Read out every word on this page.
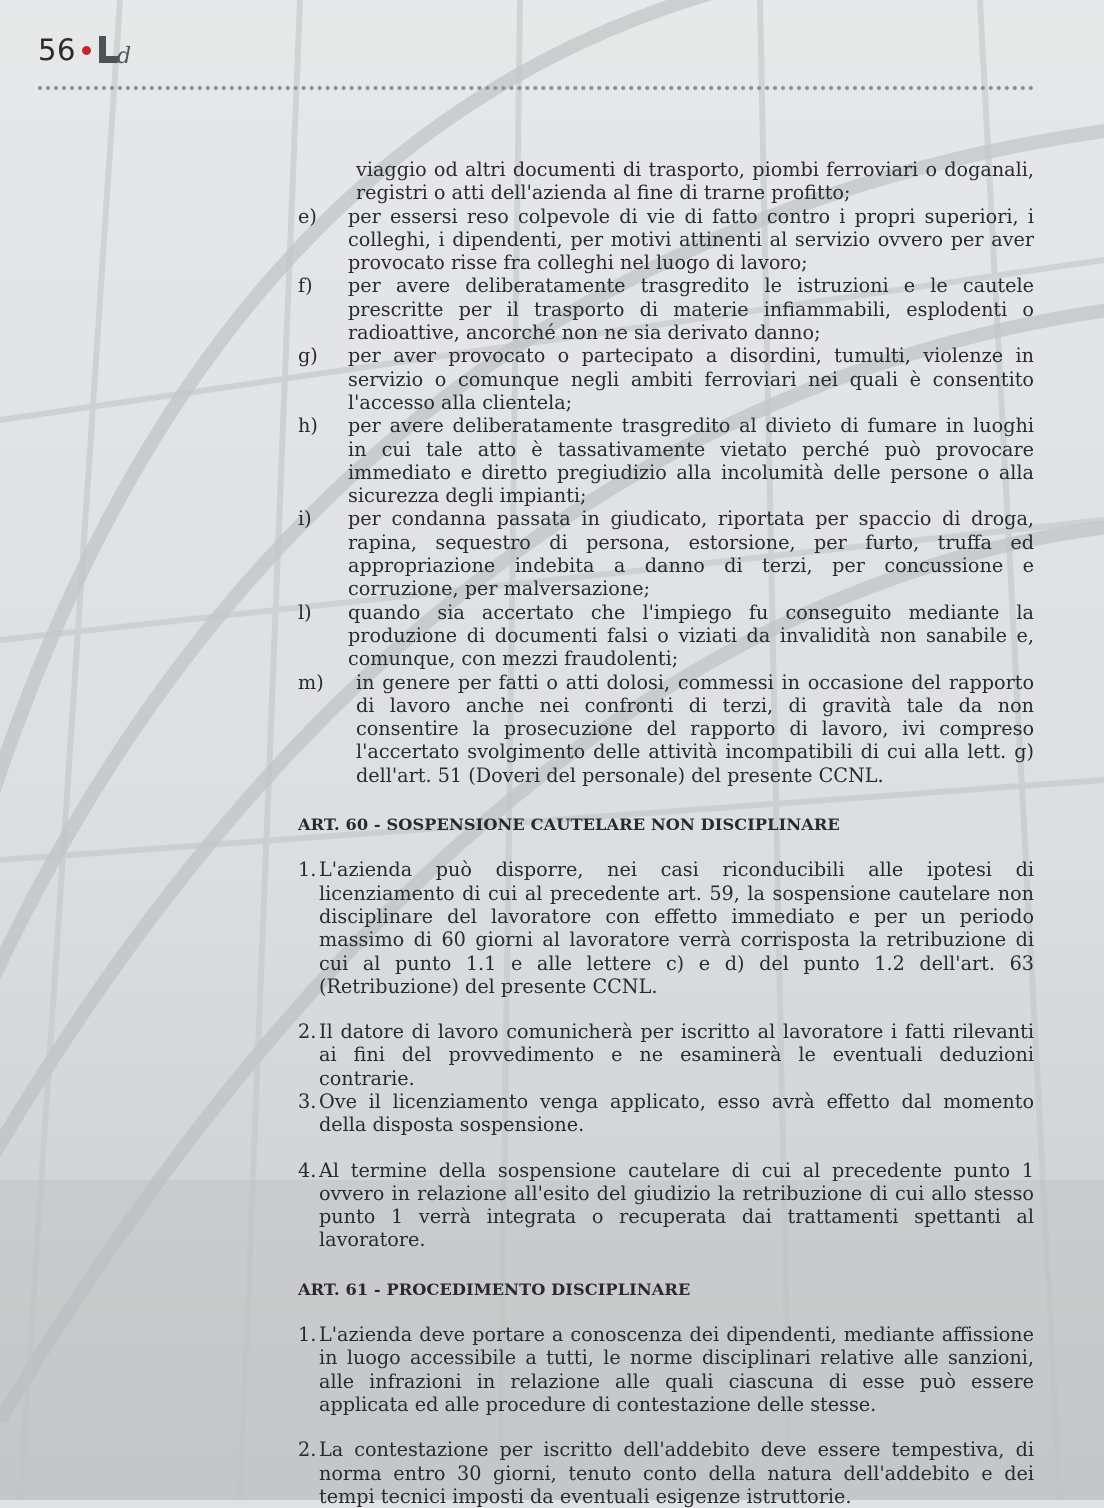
56 d
viaggio od altri documenti di trasporto, piombi ferroviari o doganali, registri o atti dell'azienda al fine di trarne profitto;
e)	per essersi reso colpevole di vie di fatto contro i propri superiori, i colleghi, i dipendenti, per motivi attinenti al servizio ovvero per aver provocato risse fra colleghi nel luogo di lavoro;
f)	per avere deliberatamente trasgredito le istruzioni e le cautele prescritte per il trasporto di materie infiammabili, esplodenti o radioattive, ancorché non ne sia derivato danno;
g)	per aver provocato o partecipato a disordini, tumulti, violenze in servizio o comunque negli ambiti ferroviari nei quali è consentito l'accesso alla clientela;
h)	per avere deliberatamente trasgredito al divieto di fumare in luoghi in cui tale atto è tassativamente vietato perché può provocare immediato e diretto pregiudizio alla incolumità delle persone o alla sicurezza degli impianti;
i)	per condanna passata in giudicato, riportata per spaccio di droga, rapina, sequestro di persona, estorsione, per furto, truffa ed appropriazione indebita a danno di terzi, per concussione e corruzione, per malversazione;
l)	quando sia accertato che l'impiego fu conseguito mediante la produzione di documenti falsi o viziati da invalidità non sanabile e, comunque, con mezzi fraudolenti;
m)	in genere per fatti o atti dolosi, commessi in occasione del rapporto di lavoro anche nei confronti di terzi, di gravità tale da non consentire la prosecuzione del rapporto di lavoro, ivi compreso l'accertato svolgimento delle attività incompatibili di cui alla lett. g) dell'art. 51 (Doveri del personale) del presente CCNL.
ART. 60 - SOSPENSIONE CAUTELARE NON DISCIPLINARE
1. L'azienda può disporre, nei casi riconducibili alle ipotesi di licenziamento di cui al precedente art. 59, la sospensione cautelare non disciplinare del lavoratore con effetto immediato e per un periodo massimo di 60 giorni al lavoratore verrà corrisposta la retribuzione di cui al punto 1.1 e alle lettere c) e d) del punto 1.2 dell'art. 63 (Retribuzione) del presente CCNL.
2. Il datore di lavoro comunicherà per iscritto al lavoratore i fatti rilevanti ai fini del provvedimento e ne esaminerà le eventuali deduzioni contrarie.
3. Ove il licenziamento venga applicato, esso avrà effetto dal momento della disposta sospensione.
4. Al termine della sospensione cautelare di cui al precedente punto 1 ovvero in relazione all'esito del giudizio la retribuzione di cui allo stesso punto 1 verrà integrata o recuperata dai trattamenti spettanti al lavoratore.
ART. 61 - PROCEDIMENTO DISCIPLINARE
1. L'azienda deve portare a conoscenza dei dipendenti, mediante affissione in luogo accessibile a tutti, le norme disciplinari relative alle sanzioni, alle infrazioni in relazione alle quali ciascuna di esse può essere applicata ed alle procedure di contestazione delle stesse.
2. La contestazione per iscritto dell'addebito deve essere tempestiva, di norma entro 30 giorni, tenuto conto della natura dell'addebito e dei tempi tecnici imposti da eventuali esigenze istruttorie.
